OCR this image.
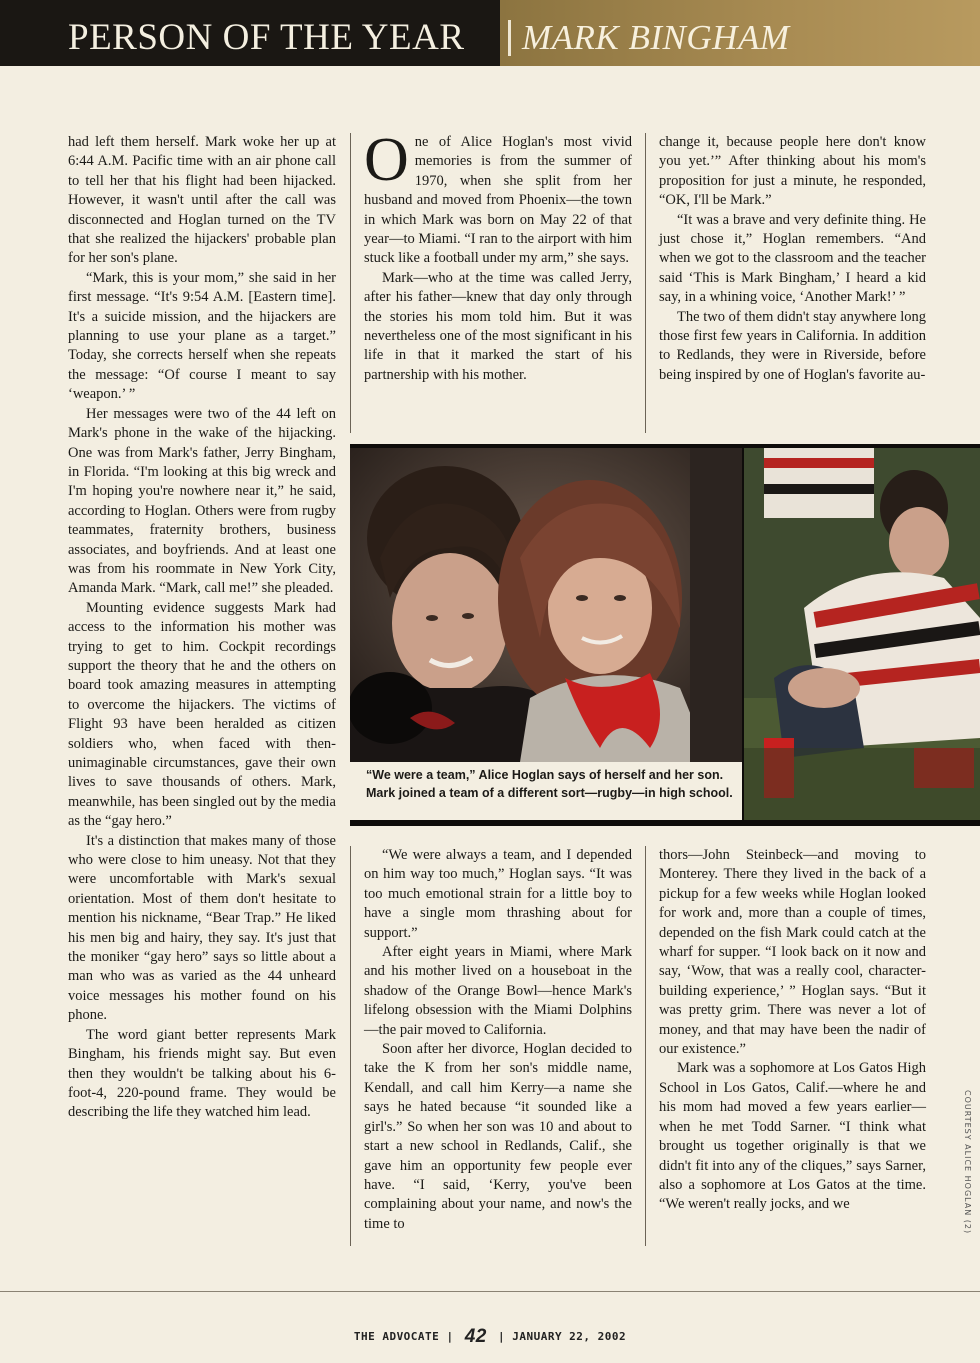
PERSON OF THE YEAR MARK BINGHAM

had left them herself. Mark woke her up at 6:44 A.M. Pacific time with an air phone call to tell her that his flight had been hijacked. However, it wasn't until after the call was disconnected and Hoglan turned on the TV that she realized the hijackers' probable plan for her son's plane.

“Mark, this is your mom,” she said in her first message. “It's 9:54 A.M. [Eastern time]. It's a suicide mission, and the hijackers are planning to use your plane as a target.” Today, she corrects herself when she repeats the message: “Of course I meant to say ‘weapon.’ ”

Her messages were two of the 44 left on Mark's phone in the wake of the hijacking. One was from Mark's father, Jerry Bingham, in Florida. “I'm looking at this big wreck and I'm hoping you're nowhere near it,” he said, according to Hoglan. Others were from rugby teammates, fraternity brothers, business associates, and boyfriends. And at least one was from his roommate in New York City, Amanda Mark. “Mark, call me!” she pleaded.

Mounting evidence suggests Mark had access to the information his mother was trying to get to him. Cockpit recordings support the theory that he and the others on board took amazing measures in attempting to overcome the hijackers. The victims of Flight 93 have been heralded as citizen soldiers who, when faced with then-unimaginable circumstances, gave their own lives to save thousands of others. Mark, meanwhile, has been singled out by the media as the “gay hero.”

It's a distinction that makes many of those who were close to him uneasy. Not that they were uncomfortable with Mark's sexual orientation. Most of them don't hesitate to mention his nickname, “Bear Trap.” He liked his men big and hairy, they say. It's just that the moniker “gay hero” says so little about a man who was as varied as the 44 unheard voice messages his mother found on his phone.

The word giant better represents Mark Bingham, his friends might say. But even then they wouldn't be talking about his 6-foot-4, 220-pound frame. They would be describing the life they watched him lead.

One of Alice Hoglan's most vivid memories is from the summer of 1970, when she split from her husband and moved from Phoenix—the town in which Mark was born on May 22 of that year—to Miami. “I ran to the airport with him stuck like a football under my arm,” she says.

Mark—who at the time was called Jerry, after his father—knew that day only through the stories his mom told him. But it was nevertheless one of the most significant in his life in that it marked the start of his partnership with his mother.

change it, because people here don't know you yet.’” After thinking about his mom's proposition for just a minute, he responded, “OK, I'll be Mark.”

“It was a brave and very definite thing. He just chose it,” Hoglan remembers. “And when we got to the classroom and the teacher said ‘This is Mark Bingham,’ I heard a kid say, in a whining voice, ‘Another Mark!’ ”

The two of them didn't stay anywhere long those first few years in California. In addition to Redlands, they were in Riverside, before being inspired by one of Hoglan's favorite au-

“We were a team,” Alice Hoglan says of herself and her son.
Mark joined a team of a different sort—rugby—in high school.

“We were always a team, and I depended on him way too much,” Hoglan says. “It was too much emotional strain for a little boy to have a single mom thrashing about for support.”

After eight years in Miami, where Mark and his mother lived on a houseboat in the shadow of the Orange Bowl—hence Mark's lifelong obsession with the Miami Dolphins—the pair moved to California.

Soon after her divorce, Hoglan decided to take the K from her son's middle name, Kendall, and call him Kerry—a name she says he hated because “it sounded like a girl's.” So when her son was 10 and about to start a new school in Redlands, Calif., she gave him an opportunity few people ever have. “I said, ‘Kerry, you've been complaining about your name, and now's the time to

thors—John Steinbeck—and moving to Monterey. There they lived in the back of a pickup for a few weeks while Hoglan looked for work and, more than a couple of times, depended on the fish Mark could catch at the wharf for supper. “I look back on it now and say, ‘Wow, that was a really cool, character-building experience,’ ” Hoglan says. “But it was pretty grim. There was never a lot of money, and that may have been the nadir of our existence.”

Mark was a sophomore at Los Gatos High School in Los Gatos, Calif.—where he and his mom had moved a few years earlier—when he met Todd Sarner. “I think what brought us together originally is that we didn't fit into any of the cliques,” says Sarner, also a sophomore at Los Gatos at the time. “We weren't really jocks, and we	COURTESY ALICE HOGLAN (2)
THE ADVOCATE | 42 | JANUARY 22, 2002
